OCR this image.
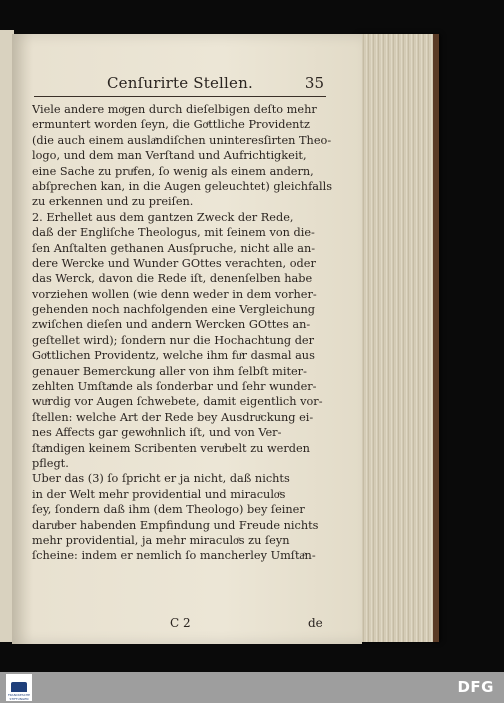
Cenſurirte Stellen.	35
Viele andere moͤgen durch dieſelbigen deſto mehr
ermuntert worden ſeyn, die Goͤttliche Providentz
(die auch einem auslaͤndiſchen uninteresſirten Theo-
logo, und dem man Verſtand und Aufrichtigkeit,
eine Sache zu pruͤfen, ſo wenig als einem andern,
abſprechen kan, in die Augen geleuchtet) gleichfalls
zu erkennen und zu preiſen.
2. Erhellet aus dem gantzen Zweck der Rede,
daß der Engliſche Theologus, mit ſeinem von die-
ſen Anſtalten gethanen Ausſpruche, nicht alle an-
dere Wercke und Wunder GOttes verachten, oder
das Werck, davon die Rede iſt, denenſelben habe
vorziehen wollen (wie denn weder in dem vorher-
gehenden noch nachfolgenden eine Vergleichung
zwiſchen dieſen und andern Wercken GOttes an-
geſtellet wird); ſondern nur die Hochachtung der
Goͤttlichen Providentz, welche ihm fuͤr dasmal aus
genauer Bemerckung aller von ihm ſelbſt miter-
zehlten Umſtaͤnde als ſonderbar und ſehr wunder-
wuͤrdig vor Augen ſchwebete, damit eigentlich vor-
ſtellen: welche Art der Rede bey Ausdruͤckung ei-
nes Affects gar gewoͤhnlich iſt, und von Ver-
ſtaͤndigen keinem Scribenten veruͤbelt zu werden
pflegt.
Uber das (3) ſo ſpricht er ja nicht, daß nichts
in der Welt mehr providential und miraculoͤs
ſey, ſondern daß ihm (dem Theologo) bey ſeiner
daruͤber habenden Empfindung und Freude nichts
mehr providential, ja mehr miraculoͤs zu ſeyn
ſcheine: indem er nemlich ſo mancherley Umſtaͤn-
C 2	de
FRANCKESCHE STIFTUNGEN
DFG
